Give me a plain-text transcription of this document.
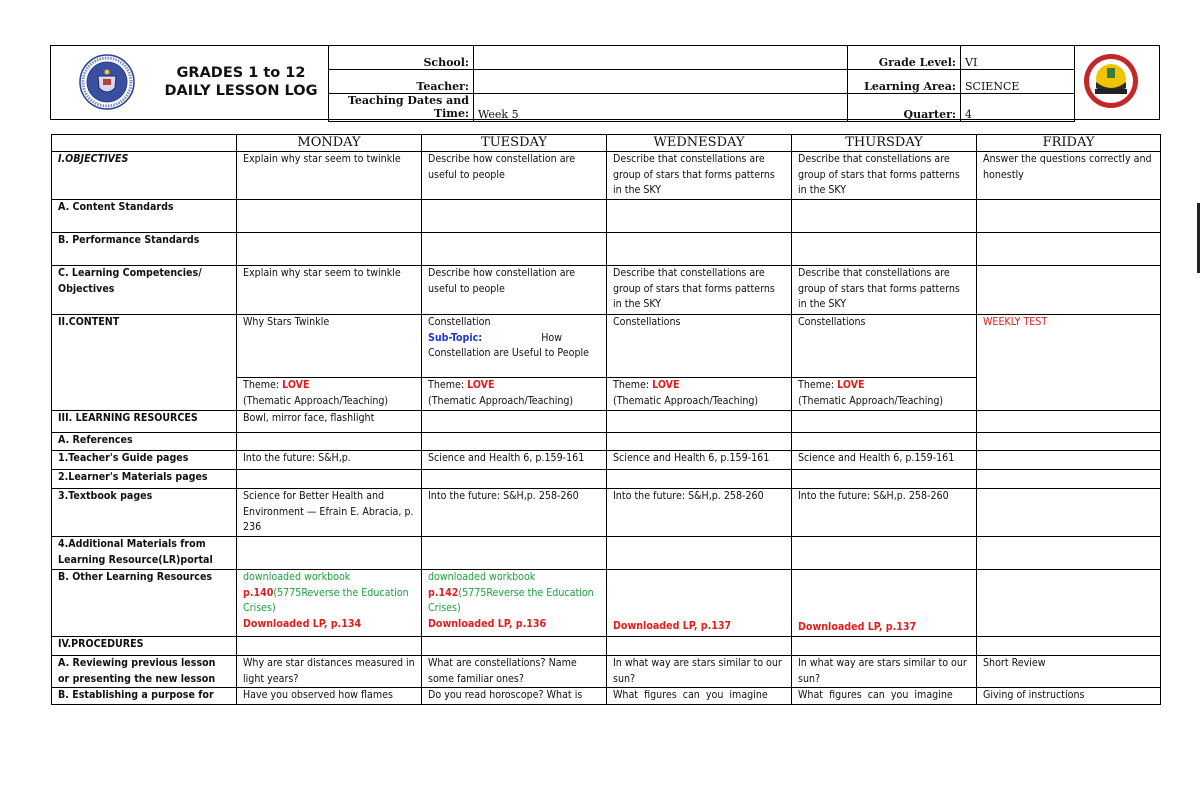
GRADES 1 to 12
DAILY LESSON LOG
School:		Grade Level:	VI
Teacher:		Learning Area:	SCIENCE

Teaching Dates and
Time:	Week 5	Quarter:	4
	MONDAY	TUESDAY	WEDNESDAY	THURSDAY	FRIDAY
I.OBJECTIVES	Explain why star seem to twinkle	Describe how constellation are useful to people	Describe that constellations are group of stars that forms patterns in the SKY	Describe that constellations are group of stars that forms patterns in the SKY	Answer the questions correctly and honestly
A. Content Standards					
B. Performance Standards					
C. Learning Competencies/ Objectives	Explain why star seem to twinkle	Describe how constellation are useful to people	Describe that constellations are group of stars that forms patterns in the SKY	Describe that constellations are group of stars that forms patterns in the SKY	
II.CONTENT	Why Stars Twinkle	Constellation
Sub-Topic: How
Constellation are Useful to People	Constellations	Constellations	WEEKLY TEST
	Theme: LOVE
(Thematic Approach/Teaching)	Theme: LOVE
(Thematic Approach/Teaching)	Theme: LOVE
(Thematic Approach/Teaching)	Theme: LOVE
(Thematic Approach/Teaching)	

III. LEARNING RESOURCES	Bowl, mirror face, flashlight				
A. References					
1.Teacher's Guide pages	Into the future: S&H,p.	Science and Health 6, p.159-161	Science and Health 6, p.159-161	Science and Health 6, p.159-161	
2.Learner's Materials pages					
3.Textbook pages	Science for Better Health and Environment — Efrain E. Abracia, p. 236	Into the future: S&H,p. 258-260	Into the future: S&H,p. 258-260	Into the future: S&H,p. 258-260	
4.Additional Materials from Learning Resource(LR)portal					
B. Other Learning Resources	downloaded workbook
p.140(5775Reverse the Education Crises)
Downloaded LP, p.134	downloaded workbook
p.142(5775Reverse the Education Crises)
Downloaded LP, p.136	Downloaded LP, p.137	Downloaded LP, p.137	
IV.PROCEDURES					
A. Reviewing previous lesson or presenting the new lesson	Why are star distances measured in light years?	What are constellations? Name some familiar ones?	In what way are stars similar to our sun?	In what way are stars similar to our sun?	Short Review
B. Establishing a purpose for	Have you observed how flames	Do you read horoscope? What is	What figures can you imagine	What figures can you imagine	Giving of instructions
